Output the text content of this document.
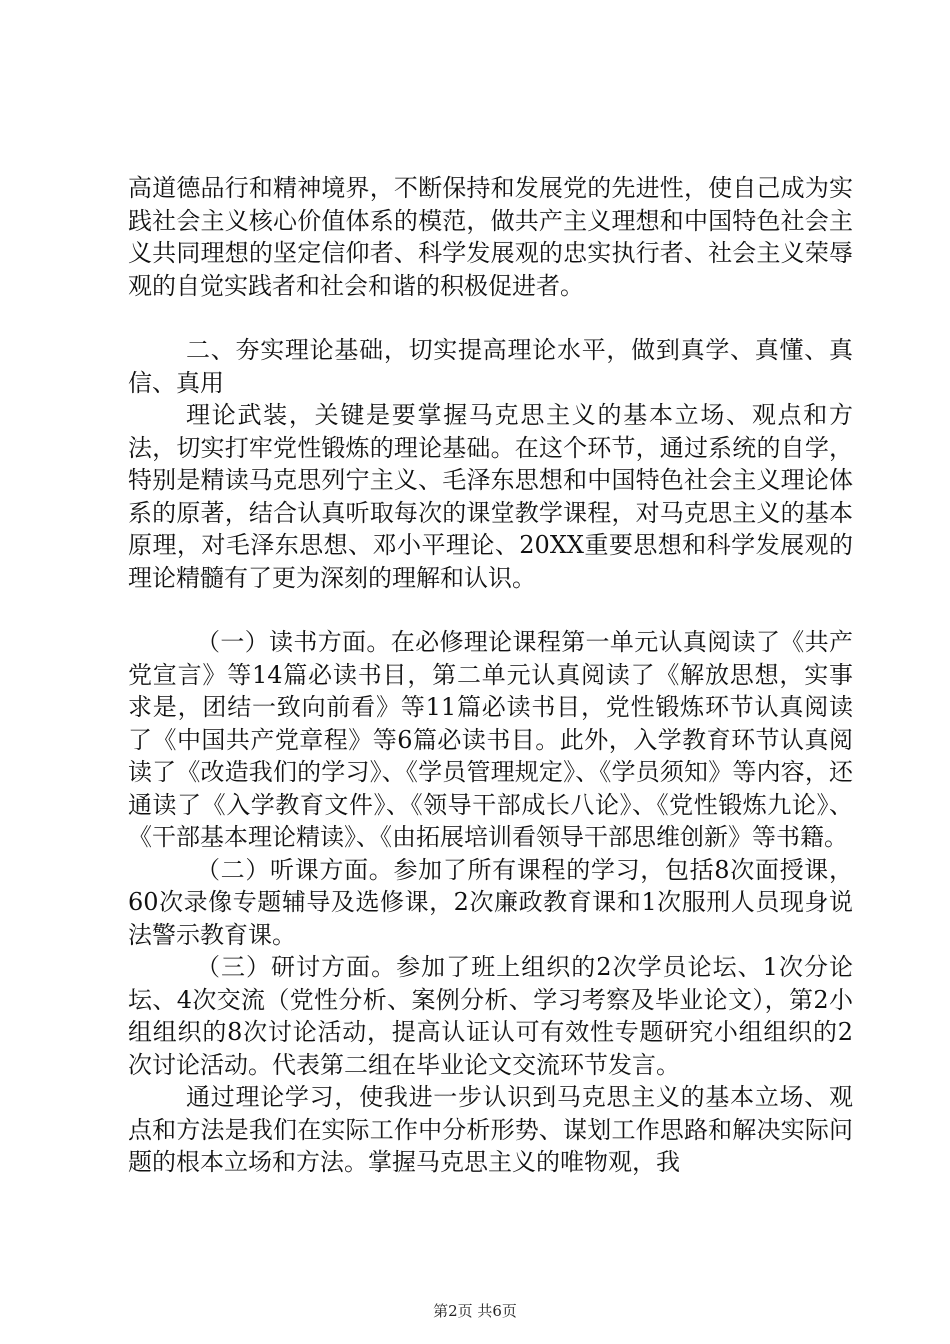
高道德品行和精神境界，不断保持和发展党的先进性，使自己成为实践社会主义核心价值体系的模范，做共产主义理想和中国特色社会主义共同理想的坚定信仰者、科学发展观的忠实执行者、社会主义荣辱观的自觉实践者和社会和谐的积极促进者。

二、夯实理论基础，切实提高理论水平，做到真学、真懂、真信、真用

理论武装，关键是要掌握马克思主义的基本立场、观点和方法，切实打牢党性锻炼的理论基础。在这个环节，通过系统的自学，特别是精读马克思列宁主义、毛泽东思想和中国特色社会主义理论体系的原著，结合认真听取每次的课堂教学课程，对马克思主义的基本原理，对毛泽东思想、邓小平理论、20XX重要思想和科学发展观的理论精髓有了更为深刻的理解和认识。

（一）读书方面。在必修理论课程第一单元认真阅读了《共产党宣言》等14篇必读书目，第二单元认真阅读了《解放思想，实事求是，团结一致向前看》等11篇必读书目，党性锻炼环节认真阅读了《中国共产党章程》等6篇必读书目。此外，入学教育环节认真阅读了《改造我们的学习》、《学员管理规定》、《学员须知》等内容，还通读了《入学教育文件》、《领导干部成长八论》、《党性锻炼九论》、《干部基本理论精读》、《由拓展培训看领导干部思维创新》等书籍。

（二）听课方面。参加了所有课程的学习，包括8次面授课，60次录像专题辅导及选修课，2次廉政教育课和1次服刑人员现身说法警示教育课。

（三）研讨方面。参加了班上组织的2次学员论坛、1次分论坛、4次交流（党性分析、案例分析、学习考察及毕业论文），第2小组组织的8次讨论活动，提高认证认可有效性专题研究小组组织的2次讨论活动。代表第二组在毕业论文交流环节发言。

通过理论学习，使我进一步认识到马克思主义的基本立场、观点和方法是我们在实际工作中分析形势、谋划工作思路和解决实际问题的根本立场和方法。掌握马克思主义的唯物观，我

第2页 共6页
